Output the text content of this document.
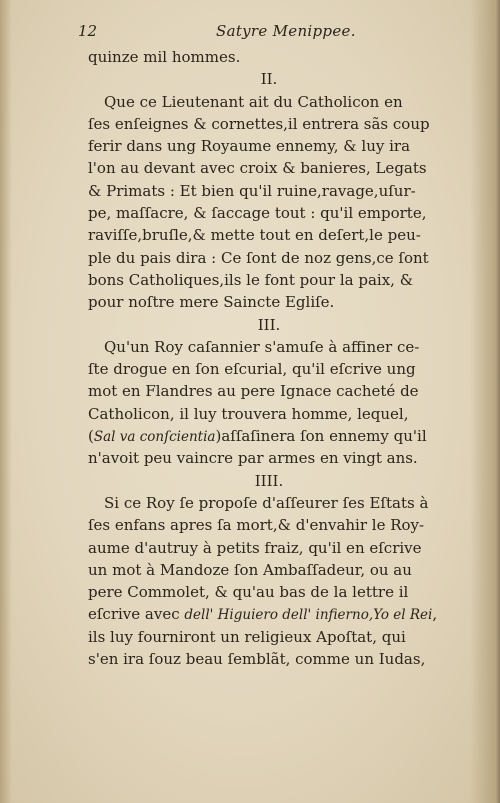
12	Satyre Menippee.
quinze mil hommes.
II.
Que ce Lieutenant ait du Catholicon en
ſes enſeignes & cornettes,il entrera sãs coup
ferir dans ung Royaume ennemy, & luy ira
l'on au devant avec croix & banieres, Legats
& Primats : Et bien qu'il ruine,ravage,uſur-
pe, maſſacre, & ſaccage tout : qu'il emporte,
raviſſe,bruſle,& mette tout en deſert,le peu-
ple du pais dira : Ce ſont de noz gens,ce ſont
bons Catholiques,ils le font pour la paix, &
pour noſtre mere Saincte Egliſe.
III.
Qu'un Roy caſannier s'amuſe à affiner ce-
ſte drogue en ſon eſcurial, qu'il eſcrive ung
mot en Flandres au pere Ignace cacheté de
Catholicon, il luy trouvera homme, lequel,
(Sal va conſcientia)aſſaſinera ſon ennemy qu'il
n'avoit peu vaincre par armes en vingt ans.
IIII.
Si ce Roy ſe propoſe d'aſſeurer ſes Eſtats à
ſes enfans apres ſa mort,& d'envahir le Roy-
aume d'autruy à petits fraiz, qu'il en eſcrive
un mot à Mandoze ſon Ambaſſadeur, ou au
pere Commolet, & qu'au bas de la lettre il
eſcrive avec dell' Higuiero dell' infierno,Yo el Rei,
ils luy fourniront un religieux Apoſtat, qui
s'en ira ſouz beau ſemblãt, comme un Iudas,
